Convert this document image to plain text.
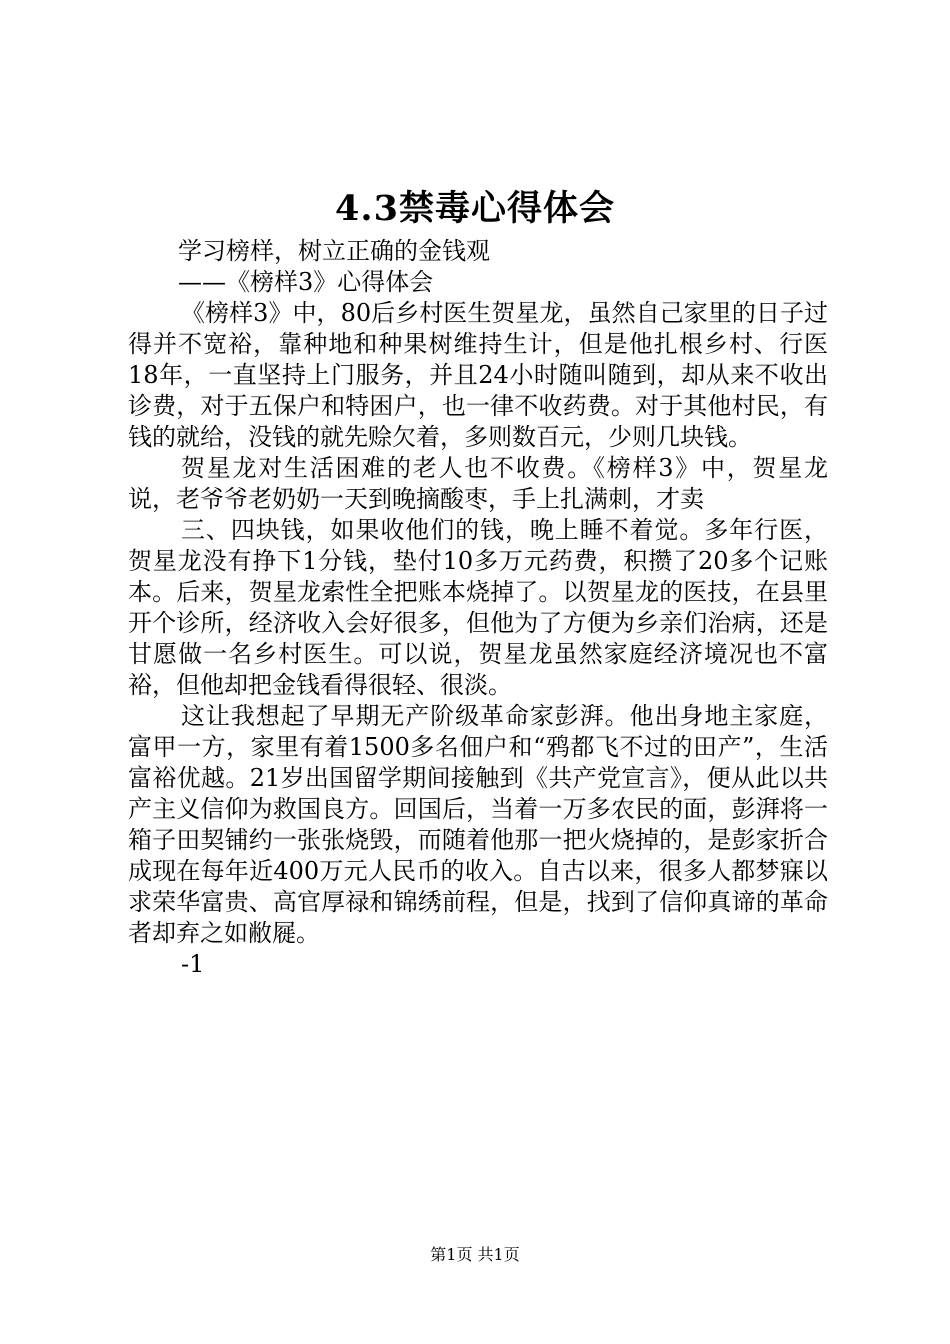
4.3禁毒心得体会

学习榜样，树立正确的金钱观

——《榜样3》心得体会

《榜样3》中，80后乡村医生贺星龙，虽然自己家里的日子过得并不宽裕，靠种地和种果树维持生计，但是他扎根乡村、行医18年，一直坚持上门服务，并且24小时随叫随到，却从来不收出诊费，对于五保户和特困户，也一律不收药费。对于其他村民，有钱的就给，没钱的就先赊欠着，多则数百元，少则几块钱。

贺星龙对生活困难的老人也不收费。《榜样3》中，贺星龙说，老爷爷老奶奶一天到晚摘酸枣，手上扎满刺，才卖

三、四块钱，如果收他们的钱，晚上睡不着觉。多年行医，贺星龙没有挣下1分钱，垫付10多万元药费，积攒了20多个记账本。后来，贺星龙索性全把账本烧掉了。以贺星龙的医技，在县里开个诊所，经济收入会好很多，但他为了方便为乡亲们治病，还是甘愿做一名乡村医生。可以说，贺星龙虽然家庭经济境况也不富裕，但他却把金钱看得很轻、很淡。

这让我想起了早期无产阶级革命家彭湃。他出身地主家庭，富甲一方，家里有着1500多名佃户和“鸦都飞不过的田产”，生活富裕优越。21岁出国留学期间接触到《共产党宣言》，便从此以共产主义信仰为救国良方。回国后，当着一万多农民的面，彭湃将一箱子田契铺约一张张烧毁，而随着他那一把火烧掉的，是彭家折合成现在每年近400万元人民币的收入。自古以来，很多人都梦寐以求荣华富贵、高官厚禄和锦绣前程，但是，找到了信仰真谛的革命者却弃之如敝屣。

-1

第1页 共1页
